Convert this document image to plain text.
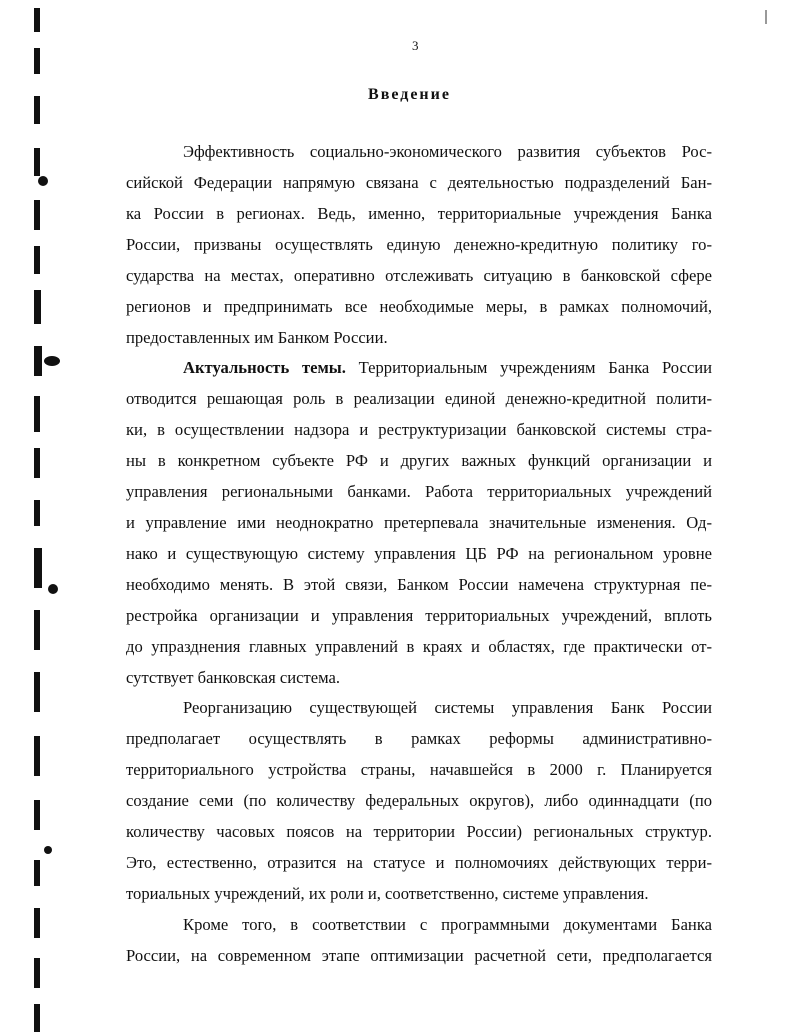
3
Введение
Эффективность социально-экономического развития субъектов Рос-
сийской Федерации напрямую связана с деятельностью подразделений Бан-
ка России в регионах. Ведь, именно, территориальные учреждения Банка
России, призваны осуществлять единую денежно-кредитную политику го-
сударства на местах, оперативно отслеживать ситуацию в банковской сфере
регионов и предпринимать все необходимые меры, в рамках полномочий,
предоставленных им Банком России.
Актуальность темы. Территориальным учреждениям Банка России
отводится решающая роль в реализации единой денежно-кредитной полити-
ки, в осуществлении надзора и реструктуризации банковской системы стра-
ны в конкретном субъекте РФ и других важных функций организации и
управления региональными банками. Работа территориальных учреждений
и управление ими неоднократно претерпевала значительные изменения. Од-
нако и существующую систему управления ЦБ РФ на региональном уровне
необходимо менять. В этой связи, Банком России намечена структурная пе-
рестройка организации и управления территориальных учреждений, вплоть
до упразднения главных управлений в краях и областях, где практически от-
сутствует банковская система.
Реорганизацию существующей системы управления Банк России
предполагает осуществлять в рамках реформы административно-
территориального устройства страны, начавшейся в 2000 г. Планируется
создание семи (по количеству федеральных округов), либо одиннадцати (по
количеству часовых поясов на территории России) региональных структур.
Это, естественно, отразится на статусе и полномочиях действующих терри-
ториальных учреждений, их роли и, соответственно, системе управления.
Кроме того, в соответствии с программными документами Банка
России, на современном этапе оптимизации расчетной сети, предполагается
